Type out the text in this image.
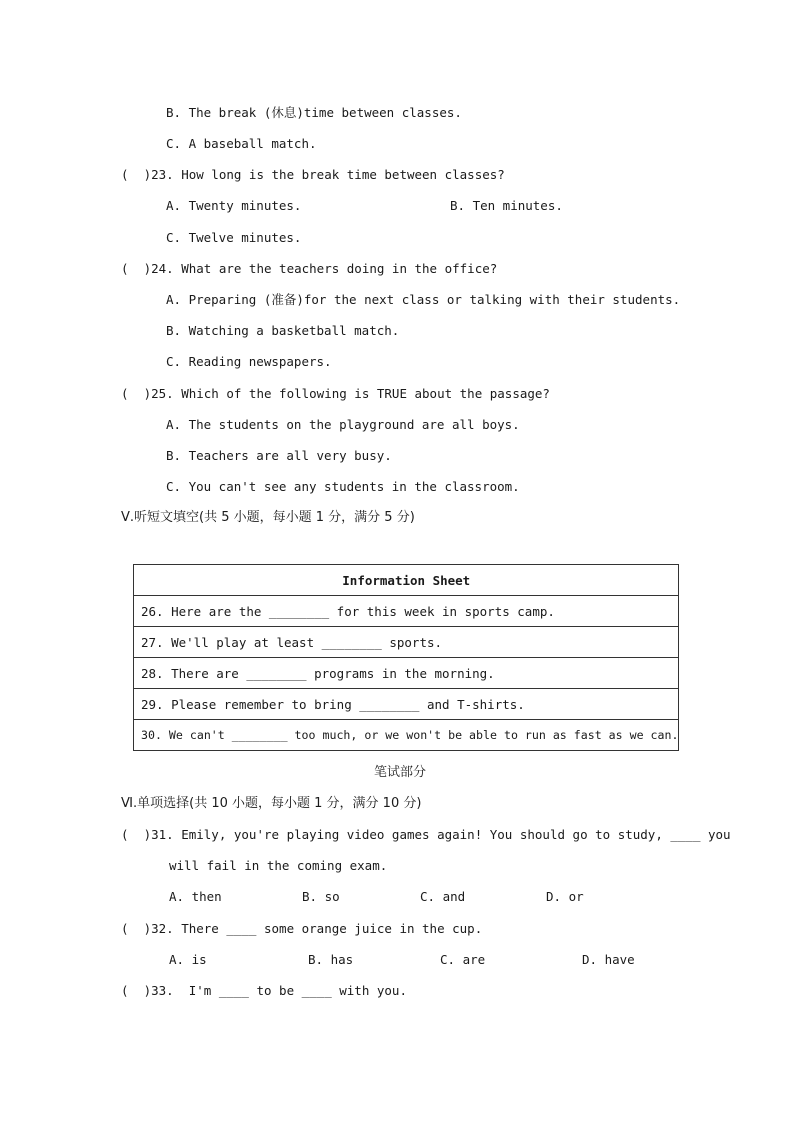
B. The break (休息)time between classes.
C. A baseball match.
(  )23. How long is the break time between classes?
A. Twenty minutes.	B. Ten minutes.
C. Twelve minutes.
(  )24. What are the teachers doing in the office?
A. Preparing (准备)for the next class or talking with their students.
B. Watching a basketball match.
C. Reading newspapers.
(  )25. Which of the following is TRUE about the passage?
A. The students on the playground are all boys.
B. Teachers are all very busy.
C. You can't see any students in the classroom.
Ⅴ.听短文填空(共 5 小题，每小题 1 分，满分 5 分)
Information Sheet
26. Here are the ________ for this week in sports camp.
27. We'll play at least ________ sports.
28. There are ________ programs in the morning.
29. Please remember to bring ________ and T-shirts.
30. We can't ________ too much, or we won't be able to run as fast as we can.
笔试部分
Ⅵ.单项选择(共 10 小题，每小题 1 分，满分 10 分)
(  )31. Emily, you're playing video games again! You should go to study, ____ you
will fail in the coming exam.
A. then	B. so	C. and	D. or
(  )32. There ____ some orange juice in the cup.
A. is	B. has	C. are	D. have
(  )33.  I'm ____ to be ____ with you.
